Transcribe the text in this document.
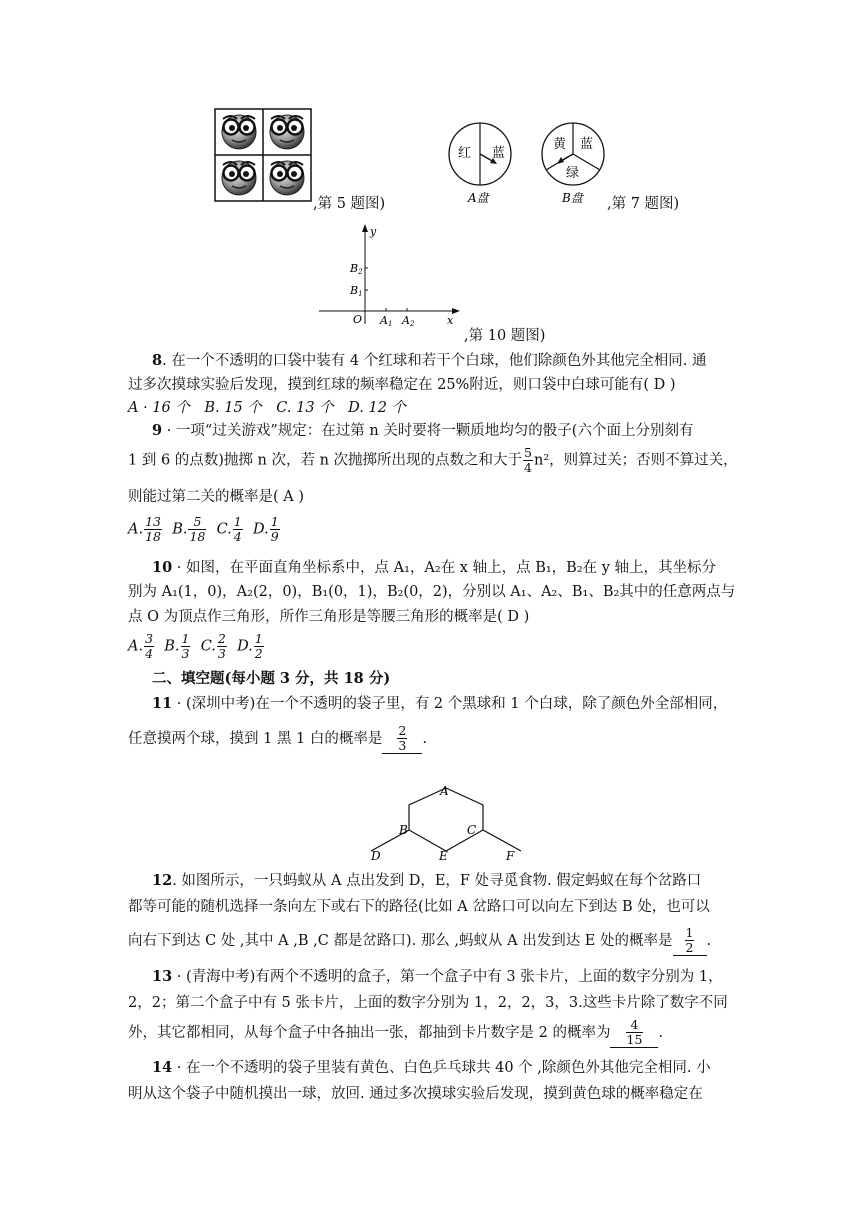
,第 5 题图)
红 蓝
A盘
黄 蓝
绿
B盘 ,第 7 题图)
y
x
O A1 A2
B1
B2
,第 10 题图)
8. 在一个不透明的口袋中装有 4 个红球和若干个白球，他们除颜色外其他完全相同. 通
过多次摸球实验后发现，摸到红球的频率稳定在 25%附近，则口袋中白球可能有( D )
A · 16 个　B. 15 个　C. 13 个　D. 12 个
9 · 一项“过关游戏”规定：在过第 n 关时要将一颗质地均匀的骰子(六个面上分别刻有
1 到 6 的点数)抛掷 n 次，若 n 次抛掷所出现的点数之和大于 $\frac{5}{4} n^2$，则算过关；否则不算过关，
则能过第二关的概率是( A )
A. $\frac{13}{18} B$. $\frac{5}{18} C$. $\frac{1}{4} D$. $\frac{1}{9}$
10 · 如图，在平面直角坐标系中，点 A₁，A₂在 x 轴上，点 B₁，B₂在 y 轴上，其坐标分
别为 A₁(1，0)，A₂(2，0)，B₁(0，1)，B₂(0，2)，分别以 A₁、A₂、B₁、B₂其中的任意两点与
点 O 为顶点作三角形，所作三角形是等腰三角形的概率是( D )
A. $\frac{3}{4} B$. $\frac{1}{3} C$. $\frac{2}{3} D$. $\frac{1}{2}$
二、填空题(每小题 3 分，共 18 分)
11 · (深圳中考)在一个不透明的袋子里，有 2 个黑球和 1 个白球，除了颜色外全部相同，
任意摸两个球，摸到 1 黑 1 白的概率是 $\frac{2}{3}$ .
A
B	C
D	E	F
12. 如图所示，一只蚂蚁从 A 点出发到 D，E，F 处寻觅食物. 假定蚂蚁在每个岔路口
都等可能的随机选择一条向左下或右下的路径(比如 A 岔路口可以向左下到达 B 处，也可以
向右下到达 C 处 ,其中 A ,B ,C 都是岔路口). 那么 ,蚂蚁从 A 出发到达 E 处的概率是 $\frac{1}{2}$ .
13 · (青海中考)有两个不透明的盒子，第一个盒子中有 3 张卡片，上面的数字分别为 1，
2，2；第二个盒子中有 5 张卡片，上面的数字分别为 1，2，2，3，3.这些卡片除了数字不同
外，其它都相同，从每个盒子中各抽出一张，都抽到卡片数字是 2 的概率为 $\frac{4}{15}$ .
14 · 在一个不透明的袋子里装有黄色、白色乒乓球共 40 个 ,除颜色外其他完全相同. 小
明从这个袋子中随机摸出一球，放回. 通过多次摸球实验后发现，摸到黄色球的概率稳定在
